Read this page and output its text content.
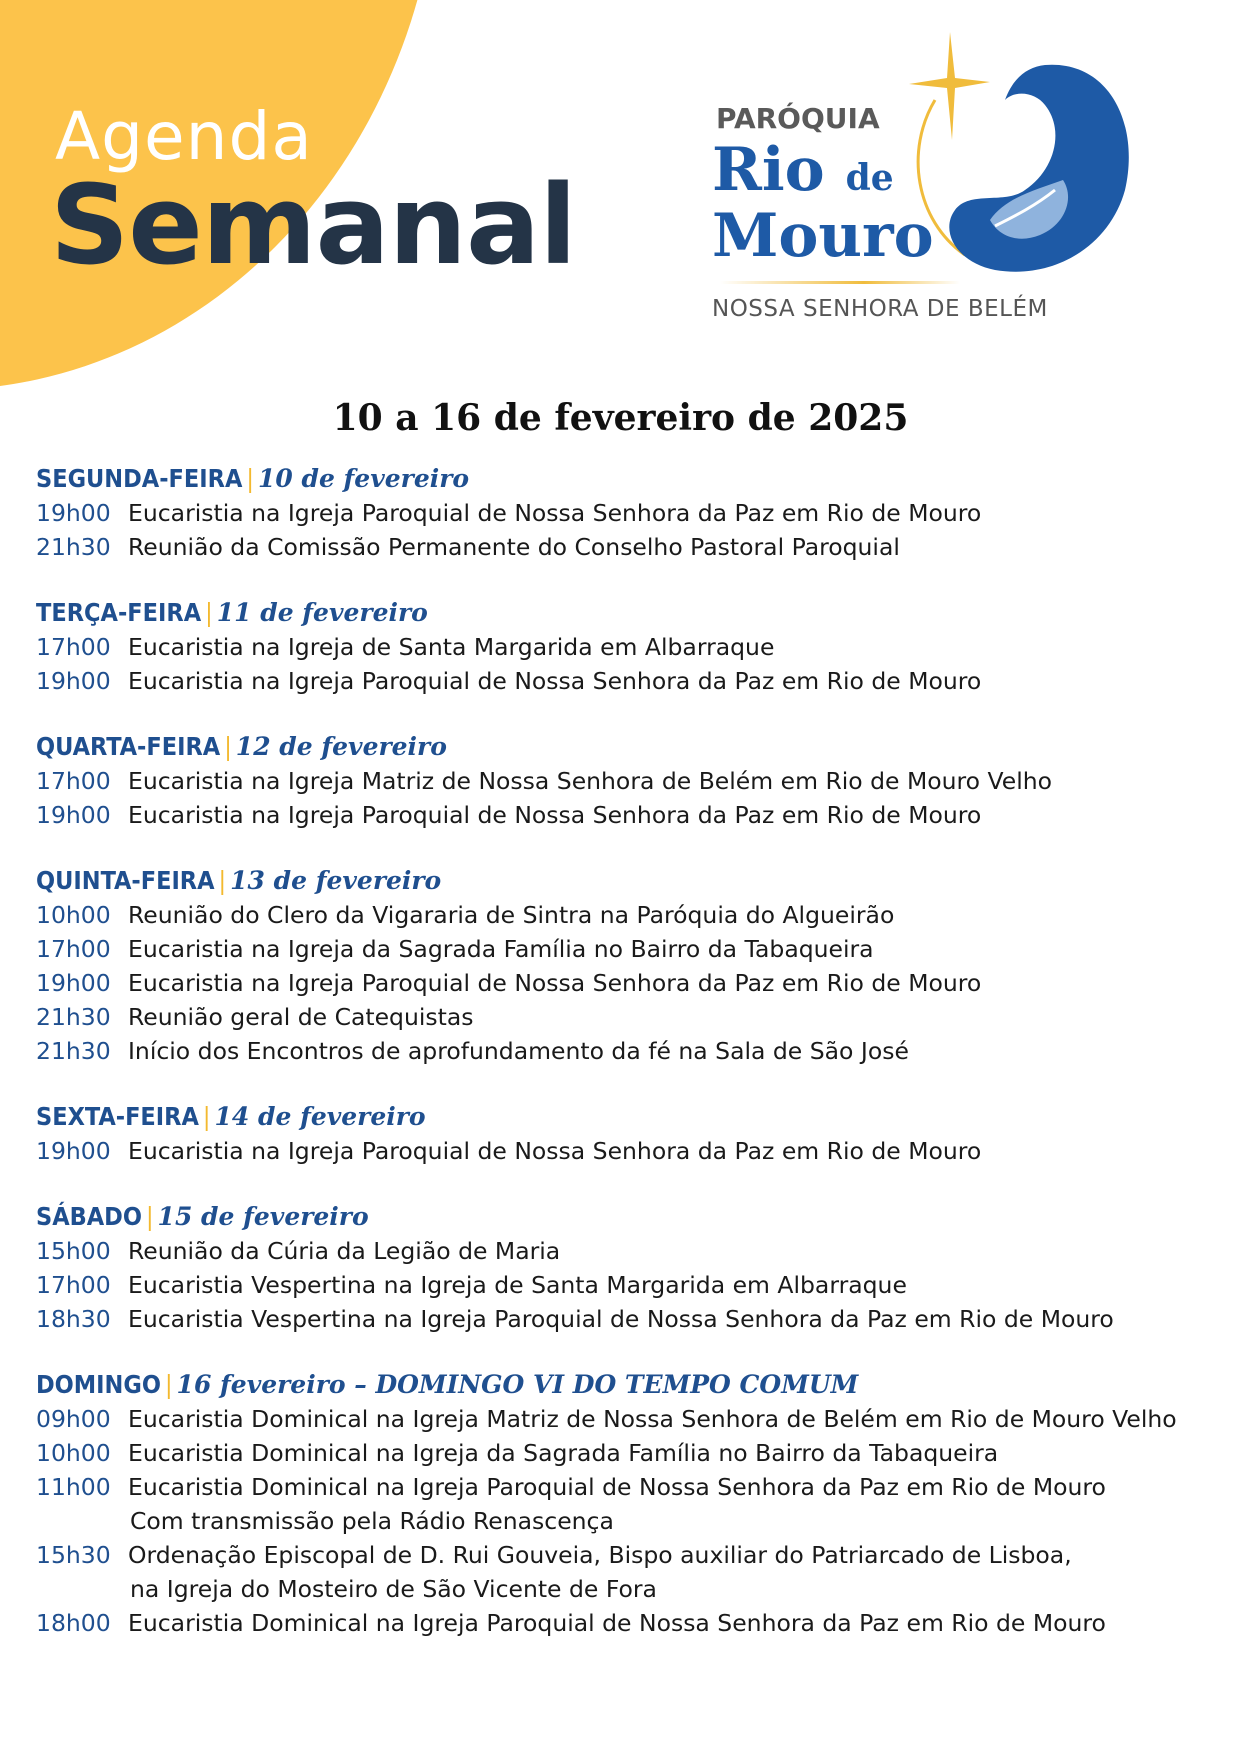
Agenda
Semanal
PARÓQUIA
Rio de
Mouro
NOSSA SENHORA DE BELÉM
10 a 16 de fevereiro de 2025
SEGUNDA-FEIRA | 10 de fevereiro
19h00 Eucaristia na Igreja Paroquial de Nossa Senhora da Paz em Rio de Mouro
21h30 Reunião da Comissão Permanente do Conselho Pastoral Paroquial
TERÇA-FEIRA | 11 de fevereiro
17h00 Eucaristia na Igreja de Santa Margarida em Albarraque
19h00 Eucaristia na Igreja Paroquial de Nossa Senhora da Paz em Rio de Mouro
QUARTA-FEIRA | 12 de fevereiro
17h00 Eucaristia na Igreja Matriz de Nossa Senhora de Belém em Rio de Mouro Velho
19h00 Eucaristia na Igreja Paroquial de Nossa Senhora da Paz em Rio de Mouro
QUINTA-FEIRA | 13 de fevereiro
10h00 Reunião do Clero da Vigararia de Sintra na Paróquia do Algueirão
17h00 Eucaristia na Igreja da Sagrada Família no Bairro da Tabaqueira
19h00 Eucaristia na Igreja Paroquial de Nossa Senhora da Paz em Rio de Mouro
21h30 Reunião geral de Catequistas
21h30 Início dos Encontros de aprofundamento da fé na Sala de São José
SEXTA-FEIRA | 14 de fevereiro
19h00 Eucaristia na Igreja Paroquial de Nossa Senhora da Paz em Rio de Mouro
SÁBADO | 15 de fevereiro
15h00 Reunião da Cúria da Legião de Maria
17h00 Eucaristia Vespertina na Igreja de Santa Margarida em Albarraque
18h30 Eucaristia Vespertina na Igreja Paroquial de Nossa Senhora da Paz em Rio de Mouro
DOMINGO | 16 fevereiro – DOMINGO VI DO TEMPO COMUM
09h00 Eucaristia Dominical na Igreja Matriz de Nossa Senhora de Belém em Rio de Mouro Velho
10h00 Eucaristia Dominical na Igreja da Sagrada Família no Bairro da Tabaqueira
11h00 Eucaristia Dominical na Igreja Paroquial de Nossa Senhora da Paz em Rio de Mouro
Com transmissão pela Rádio Renascença
15h30 Ordenação Episcopal de D. Rui Gouveia, Bispo auxiliar do Patriarcado de Lisboa,
na Igreja do Mosteiro de São Vicente de Fora
18h00 Eucaristia Dominical na Igreja Paroquial de Nossa Senhora da Paz em Rio de Mouro
